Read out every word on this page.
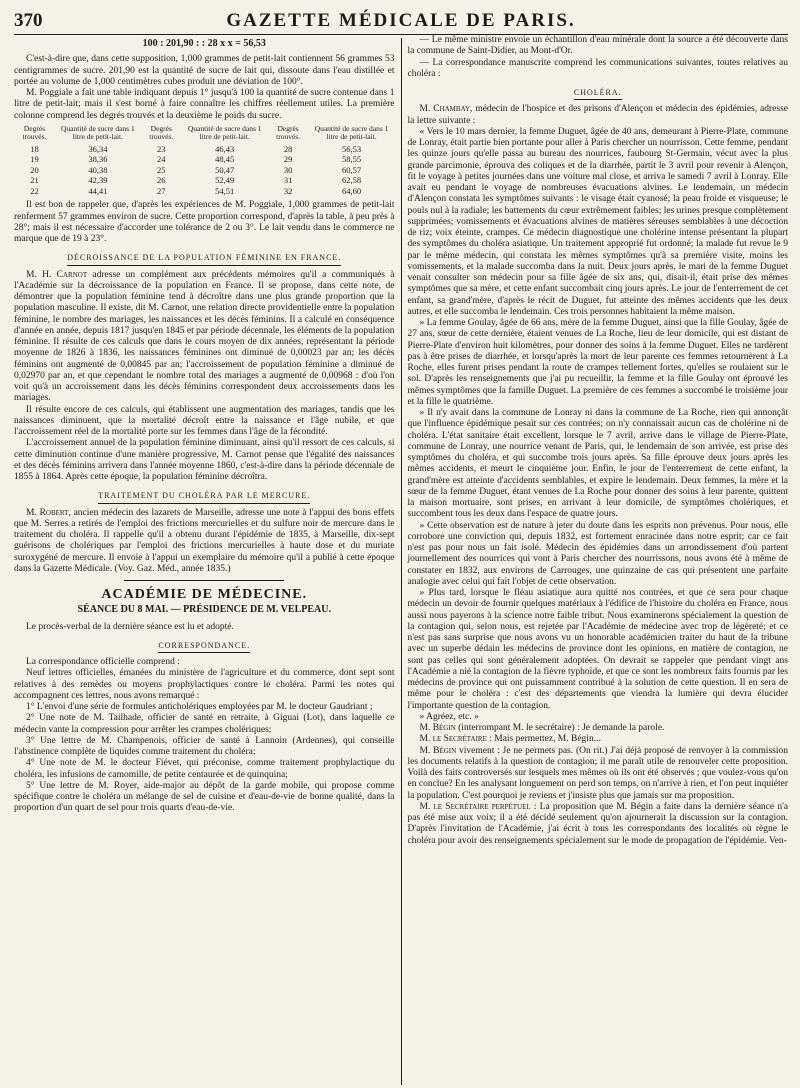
370	GAZETTE MÉDICALE DE PARIS.

100 : 201,90 : : 28 x x = 56,53

C'est-à-dire que, dans cette supposition, 1,000 grammes de petit-lait contiennent 56 grammes 53 centigrammes de sucre. 201,90 est la quantité de sucre de lait qui, dissoute dans l'eau distillée et portée au volume de 1,000 centimètres cubes produit une déviation de 100°.

M. Poggiale a fait une table indiquant depuis 1° jusqu'à 100 la quantité de sucre contenue dans 1 litre de petit-lait; mais il s'est borné à faire connaître les chiffres réellement utiles. La première colonne comprend les degrés trouvés et la deuxième le poids du sucre.

Degrés trouvés.	Quantité de sucre dans 1 litre de petit-lait.	Degrés trouvés.	Quantité de sucre dans 1 litre de petit-lait.	Degrés trouvés.	Quantité de sucre dans 1 litre de petit-lait.
18	36,34	23	46,43	28	56,53
19	38,36	24	48,45	29	58,55
20	40,38	25	50,47	30	60,57
21	42,39	26	52,49	31	62,58
22	44,41	27	54,51	32	64,60

Il est bon de rappeler que, d'après les expériences de M. Poggiale, 1,000 grammes de petit-lait renferment 57 grammes environ de sucre. Cette proportion correspond, d'après la table, à peu près à 28°; mais il est nécessaire d'accorder une tolérance de 2 ou 3°. Le lait vendu dans le commerce ne marque que de 19 à 23°.

DÉCROISSANCE DE LA POPULATION FÉMININE EN FRANCE.

M. H. Carnot adresse un complément aux précédents mémoires qu'il a communiqués à l'Académie sur la décroissance de la population en France. Il se propose, dans cette note, de démontrer que la population féminine tend à décroître dans une plus grande proportion que la population masculine. Il existe, dit M. Carnot, une relation directe providentielle entre la population féminine, le nombre des mariages, les naissances et les décès féminins. Il a calculé en conséquence d'année en année, depuis 1817 jusqu'en 1845 et par période décennale, les éléments de la population féminine. Il résulte de ces calculs que dans le cours moyen de dix années, représentant la période moyenne de 1826 à 1836, les naissances féminines ont diminué de 0,00023 par an; les décès féminins ont augmenté de 0,00845 par an; l'accroissement de population féminine a diminué de 0,02970 par an, et que cependant le nombre total des mariages a augmenté de 0,00968 : d'où l'on voit qu'à un accroissement dans les décès féminins correspondent deux accroissements dans les mariages.

Il résulte encore de ces calculs, qui établissent une augmentation des mariages, tandis que les naissances diminuent, que la mortalité décroît entre la naissance et l'âge nubile, et que l'accroissement réel de la mortalité porte sur les femmes dans l'âge de la fécondité.

L'accroissement annuel de la population féminine diminuant, ainsi qu'il ressort de ces calculs, si cette diminution continue d'une manière progressive, M. Carnot pense que l'égalité des naissances et des décès féminins arrivera dans l'année moyenne 1860, c'est-à-dire dans la période décennale de 1855 à 1864. Après cette époque, la population féminine décroîtra.

TRAITEMENT DU CHOLÉRA PAR LE MERCURE.

M. Robert, ancien médecin des lazarets de Marseille, adresse une note à l'appui des bons effets que M. Serres a retirés de l'emploi des frictions mercurielles et du sulfure noir de mercure dans le traitement du choléra. Il rappelle qu'il a obtenu durant l'épidémie de 1835, à Marseille, dix-sept guérisons de cholériques par l'emploi des frictions mercurielles à haute dose et du muriate suroxygéné de mercure. Il envoie à l'appui un exemplaire du mémoire qu'il a publié à cette époque dans la Gazette Médicale. (Voy. Gaz. Méd., année 1835.)

ACADÉMIE DE MÉDECINE.

SÉANCE DU 8 MAI. — PRÉSIDENCE DE M. VELPEAU.

Le procès-verbal de la dernière séance est lu et adopté.

CORRESPONDANCE.

La correspondance officielle comprend :

Neuf lettres officielles, émanées du ministère de l'agriculture et du commerce, dont sept sont relatives à des remèdes ou moyens prophylactiques contre le choléra. Parmi les notes qui accompagnent ces lettres, nous avons remarqué :

1° L'envoi d'une série de formules anticholériques employées par M. le docteur Gaudriant ;

2° Une note de M. Tailhade, officier de santé en retraite, à Giguai (Lot), dans laquelle ce médecin vante la compression pour arrêter les crampes cholériques;

3° Une lettre de M. Champenois, officier de santé à Lannoin (Ardennes), qui conseille l'abstinence complète de liquides comme traitement du choléra;

4° Une note de M. le docteur Fiévet, qui préconise, comme traitement prophylactique du choléra, les infusions de camomille, de petite centaurée et de quinquina;

5° Une lettre de M. Royer, aide-major au dépôt de la garde mobile, qui propose comme spécifique contre le choléra un mélange de sel de cuisine et d'eau-de-vie de bonne qualité, dans la proportion d'un quart de sel pour trois quarts d'eau-de-vie.

— Le même ministre envoie un échantillon d'eau minérale dont la source a été découverte dans la commune de Saint-Didier, au Mont-d'Or.

— La correspondance manuscrite comprend les communications suivantes, toutes relatives au choléra :

CHOLÉRA.

M. Chambay, médecin de l'hospice et des prisons d'Alençon et médecin des épidémies, adresse la lettre suivante :

« Vers le 10 mars dernier, la femme Duguet, âgée de 40 ans, demeurant à Pierre-Plate, commune de Lonray, était partie bien portante pour aller à Paris chercher un nourrisson. Cette femme, pendant les quinze jours qu'elle passa au bureau des nourrices, faubourg St-Germain, vécut avec la plus grande parcimonie, éprouva des coliques et de la diarrhée, partit le 3 avril pour revenir à Alençon, fit le voyage à petites journées dans une voiture mal close, et arriva le samedi 7 avril à Lonray. Elle avait eu pendant le voyage de nombreuses évacuations alvines. Le lendemain, un médecin d'Alençon constata les symptômes suivants : le visage était cyanosé; la peau froide et visqueuse; le pouls nul à la radiale; les battements du cœur extrêmement faibles; les urines presque complètement supprimées; vomissements et évacuations alvines de matières séreuses semblables à une décoction de riz; voix éteinte, crampes. Ce médecin diagnostique une cholérine intense présentant la plupart des symptômes du choléra asiatique. Un traitement approprié fut ordonné; la malade fut revue le 9 par le même médecin, qui constata les mêmes symptômes qu'à sa première visite, moins les vomissements, et la malade succomba dans la nuit. Deux jours après, le mari de la femme Duguet venait consulter son médecin pour sa fille âgée de six ans, qui, disait-il, était prise des mêmes symptômes que sa mère, et cette enfant succombait cinq jours après. Le jour de l'enterrement de cet enfant, sa grand'mère, d'après le récit de Duguet, fut atteinte des mêmes accidents que les deux autres, et elle succomba le lendemain. Ces trois personnes habitaient la même maison.

» La femme Goulay, âgée de 66 ans, mère de la femme Duguet, ainsi que la fille Goulay, âgée de 27 ans, sœur de cette dernière, étaient venues de La Roche, lieu de leur domicile, qui est distant de Pierre-Plate d'environ huit kilomètres, pour donner des soins à la femme Duguet. Elles ne tardèrent pas à être prises de diarrhée, et lorsqu'après la mort de leur parente ces femmes retournèrent à La Roche, elles furent prises pendant la route de crampes tellement fortes, qu'elles se roulaient sur le sol. D'après les renseignements que j'ai pu recueillir, la femme et la fille Goulay ont éprouvé les mêmes symptômes que la famille Duguet. La première de ces femmes a succombé le troisième jour et la fille le quatrième.

» Il n'y avait dans la commune de Lonray ni dans la commune de La Roche, rien qui annonçât que l'influence épidémique pesait sur ces contrées; on n'y connaissait aucun cas de cholérine ni de choléra. L'état sanitaire était excellent, lorsque le 7 avril, arrive dans le village de Pierre-Plate, commune de Lonray, une nourrice venant de Paris, qui, le lendemain de son arrivée, est prise des symptômes du choléra, et qui succombe trois jours après. Sa fille éprouve deux jours après les mêmes accidents, et meurt le cinquième jour. Enfin, le jour de l'enterrement de cette enfant, la grand'mère est atteinte d'accidents semblables, et expire le lendemain. Deux femmes, la mère et la sœur de la femme Duguet, étant venues de La Roche pour donner des soins à leur parente, quittent la maison mortuaire, sont prises, en arrivant à leur domicile, de symptômes cholériques, et succombent tous les deux dans l'espace de quatre jours.

» Cette observation est de nature à jeter du doute dans les esprits non prévenus. Pour nous, elle corrobore une conviction qui, depuis 1832, est fortement enracinée dans notre esprit; car ce fait n'est pas pour nous un fait isolé. Médecin des épidémies dans un arrondissement d'où partent journellement des nourrices qui vont à Paris chercher des nourrissons, nous avons été à même de constater en 1832, aux environs de Carrouges, une quinzaine de cas qui présentent une parfaite analogie avec celui qui fait l'objet de cette observation.

» Plus tard, lorsque le fléau asiatique aura quitté nos contrées, et que ce sera pour chaque médecin un devoir de fournir quelques matériaux à l'édifice de l'histoire du choléra en France, nous aussi nous payerons à la science notre faible tribut. Nous examinerons spécialement la question de la contagion qui, selon nous, est rejetée par l'Académie de médecine avec trop de légèreté; et ce n'est pas sans surprise que nous avons vu un honorable académicien traiter du haut de la tribune avec un superbe dédain les médecins de province dont les opinions, en matière de contagion, ne sont pas celles qui sont généralement adoptées. On devrait se rappeler que pendant vingt ans l'Académie a nié la contagion de la fièvre typhoïde, et que ce sont les nombreux faits fournis par les médecins de province qui ont puissamment contribué à la solution de cette question. Il en sera de même pour le choléra : c'est des départements que viendra la lumière qui devra élucider l'importante question de la contagion.

» Agréez, etc. »

M. Bégin (interrompant M. le secrétaire) : Je demande la parole.

M. le Secrétaire : Mais permettez, M. Bégin...

M. Bégin vivement : Je ne permets pas. (On rit.) J'ai déjà proposé de renvoyer à la commission les documents relatifs à la question de contagion; il me paraît utile de renouveler cette proposition. Voilà des faits controversés sur lesquels mes mêmes où ils ont été observés ; que voulez-vous qu'on en conclue? En les analysant longuement on perd son temps, on n'arrive à rien, et l'on peut inquiéter la population. C'est pourquoi je reviens et j'insiste plus que jamais sur ma proposition.

M. le Secrétaire perpétuel : La proposition que M. Bégin a faite dans la dernière séance n'a pas été mise aux voix; il a été décidé seulement qu'on ajournerait la discussion sur la contagion. D'après l'invitation de l'Académie, j'ai écrit à tous les correspondants des localités où règne le choléra pour avoir des renseignements spécialement sur le mode de propagation de l'épidémie. Ven-
